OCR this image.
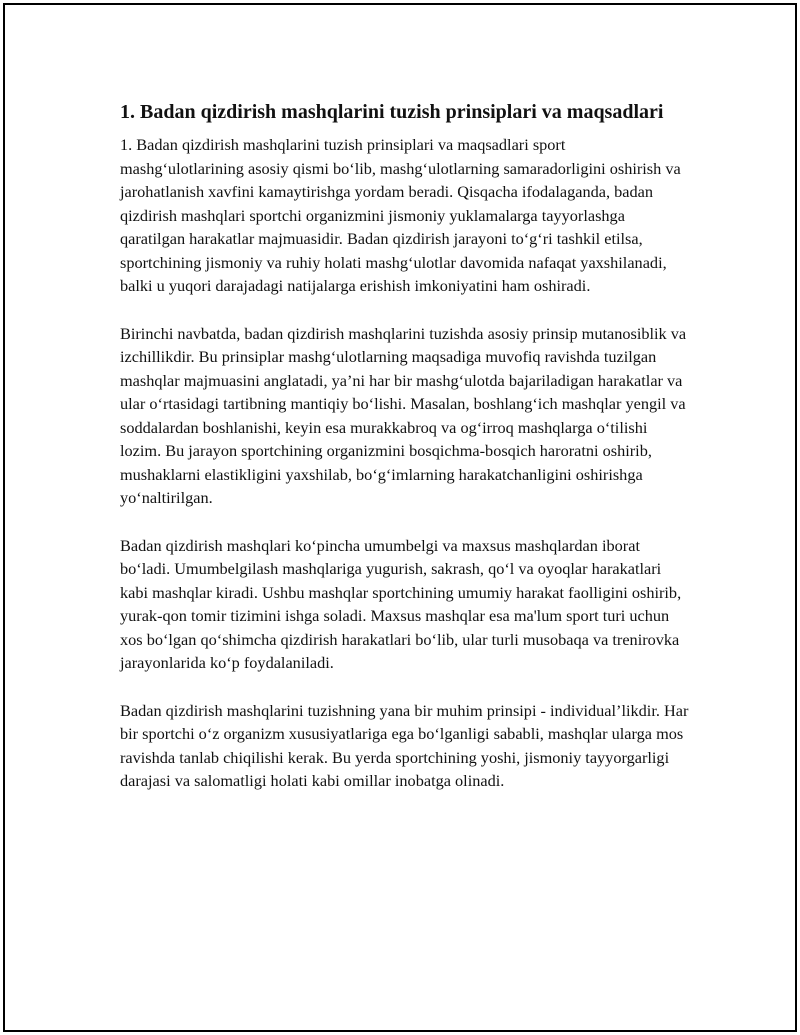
1. Badan qizdirish mashqlarini tuzish prinsiplari va maqsadlari

1. Badan qizdirish mashqlarini tuzish prinsiplari va maqsadlari sport mashg‘ulotlarining asosiy qismi bo‘lib, mashg‘ulotlarning samaradorligini oshirish va jarohatlanish xavfini kamaytirishga yordam beradi. Qisqacha ifodalaganda, badan qizdirish mashqlari sportchi organizmini jismoniy yuklamalarga tayyorlashga qaratilgan harakatlar majmuasidir. Badan qizdirish jarayoni to‘g‘ri tashkil etilsa, sportchining jismoniy va ruhiy holati mashg‘ulotlar davomida nafaqat yaxshilanadi, balki u yuqori darajadagi natijalarga erishish imkoniyatini ham oshiradi.

Birinchi navbatda, badan qizdirish mashqlarini tuzishda asosiy prinsip mutanosiblik va izchillikdir. Bu prinsiplar mashg‘ulotlarning maqsadiga muvofiq ravishda tuzilgan mashqlar majmuasini anglatadi, ya’ni har bir mashg‘ulotda bajariladigan harakatlar va ular o‘rtasidagi tartibning mantiqiy bo‘lishi. Masalan, boshlang‘ich mashqlar yengil va soddalardan boshlanishi, keyin esa murakkabroq va og‘irroq mashqlarga o‘tilishi lozim. Bu jarayon sportchining organizmini bosqichma-bosqich haroratni oshirib, mushaklarni elastikligini yaxshilab, bo‘g‘imlarning harakatchanligini oshirishga yo‘naltirilgan.

Badan qizdirish mashqlari ko‘pincha umumbelgi va maxsus mashqlardan iborat bo‘ladi. Umumbelgilash mashqlariga yugurish, sakrash, qo‘l va oyoqlar harakatlari kabi mashqlar kiradi. Ushbu mashqlar sportchining umumiy harakat faolligini oshirib, yurak-qon tomir tizimini ishga soladi. Maxsus mashqlar esa ma'lum sport turi uchun xos bo‘lgan qo‘shimcha qizdirish harakatlari bo‘lib, ular turli musobaqa va trenirovka jarayonlarida ko‘p foydalaniladi.

Badan qizdirish mashqlarini tuzishning yana bir muhim prinsipi - individual’likdir. Har bir sportchi o‘z organizm xususiyatlariga ega bo‘lganligi sababli, mashqlar ularga mos ravishda tanlab chiqilishi kerak. Bu yerda sportchining yoshi, jismoniy tayyorgarligi darajasi va salomatligi holati kabi omillar inobatga olinadi.
